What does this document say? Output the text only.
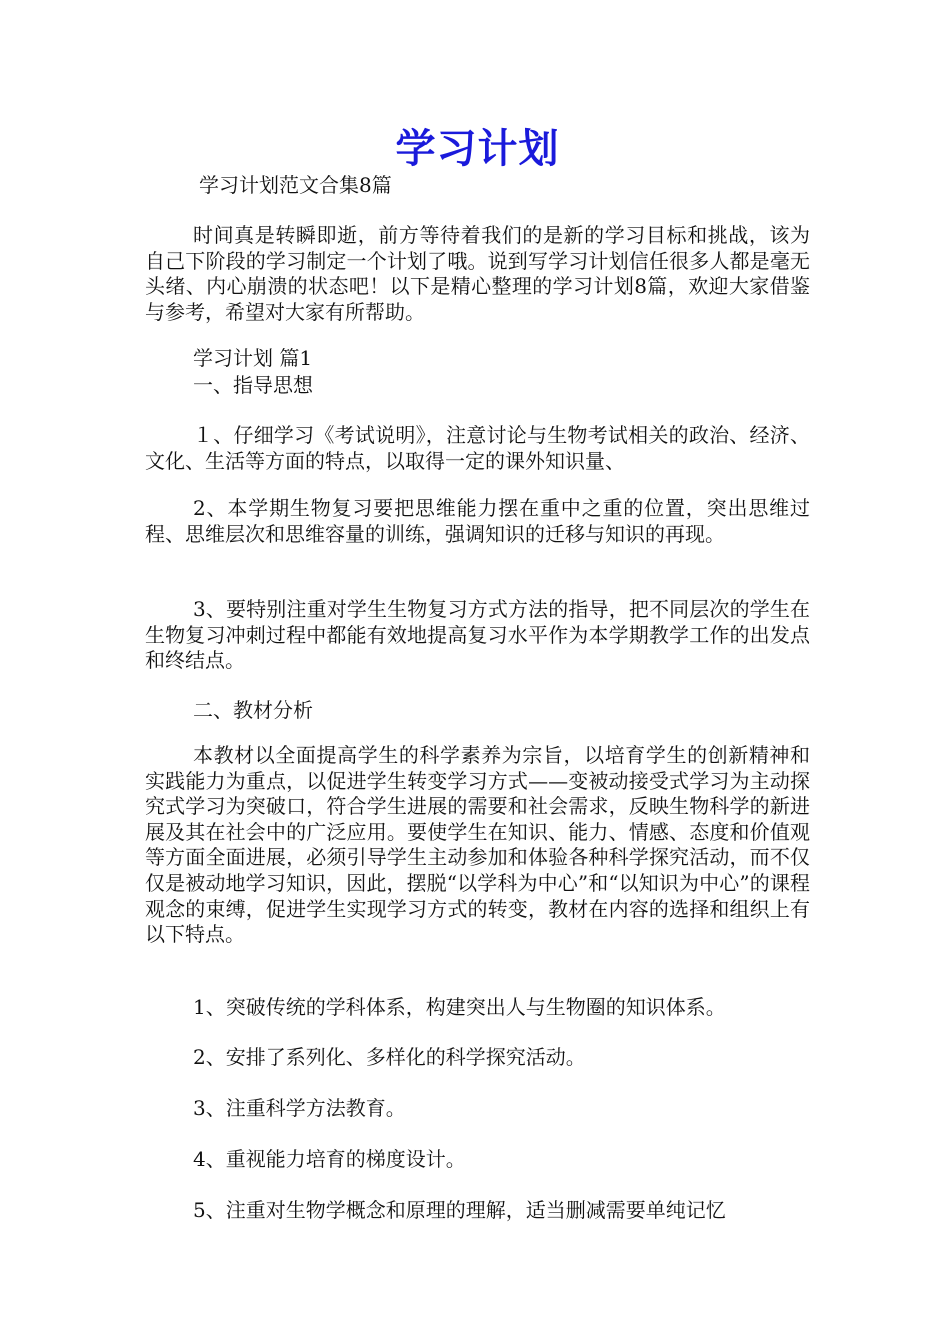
学习计划
学习计划范文合集8篇
时间真是转瞬即逝，前方等待着我们的是新的学习目标和挑战，该为自己下阶段的学习制定一个计划了哦。说到写学习计划信任很多人都是毫无头绪、内心崩溃的状态吧！以下是精心整理的学习计划8篇，欢迎大家借鉴与参考，希望对大家有所帮助。
学习计划 篇1
一、指导思想
１、仔细学习《考试说明》，注意讨论与生物考试相关的政治、经济、文化、生活等方面的特点，以取得一定的课外知识量、
2、本学期生物复习要把思维能力摆在重中之重的位置，突出思维过程、思维层次和思维容量的训练，强调知识的迁移与知识的再现。
3、要特别注重对学生生物复习方式方法的指导，把不同层次的学生在生物复习冲刺过程中都能有效地提高复习水平作为本学期教学工作的出发点和终结点。
二、教材分析
本教材以全面提高学生的科学素养为宗旨，以培育学生的创新精神和实践能力为重点，以促进学生转变学习方式——变被动接受式学习为主动探究式学习为突破口，符合学生进展的需要和社会需求，反映生物科学的新进展及其在社会中的广泛应用。要使学生在知识、能力、情感、态度和价值观等方面全面进展，必须引导学生主动参加和体验各种科学探究活动，而不仅仅是被动地学习知识，因此，摆脱“以学科为中心”和“以知识为中心”的课程观念的束缚，促进学生实现学习方式的转变，教材在内容的选择和组织上有以下特点。
1、突破传统的学科体系，构建突出人与生物圈的知识体系。
2、安排了系列化、多样化的科学探究活动。
3、注重科学方法教育。
4、重视能力培育的梯度设计。
5、注重对生物学概念和原理的理解，适当删减需要单纯记忆
